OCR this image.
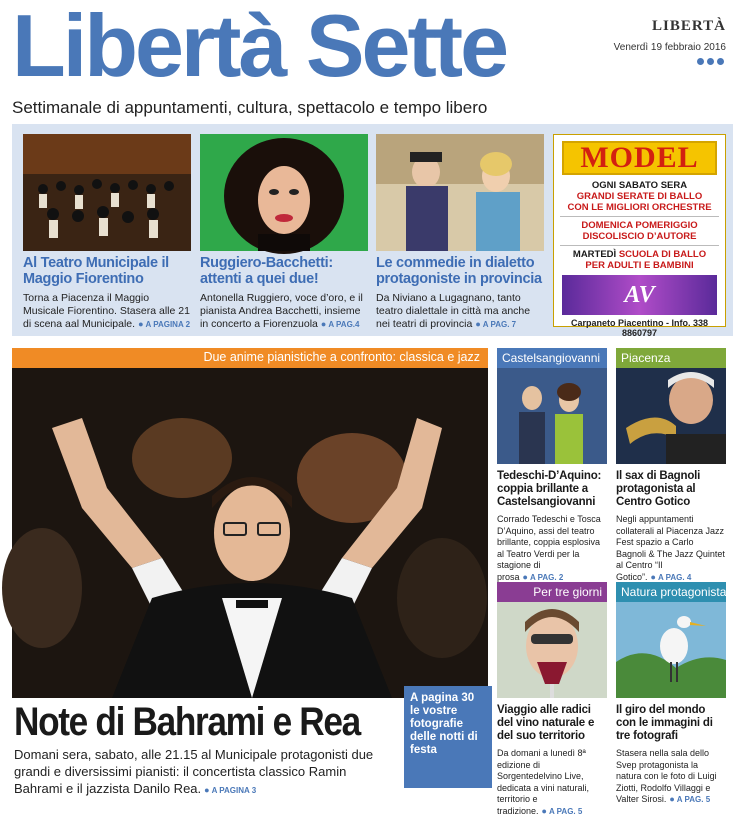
Libertà Sette	LIBERTÀ
Venerdì 19 febbraio 2016
Settimanale di appuntamenti, cultura, spettacolo e tempo libero
Al Teatro Municipale il Maggio Fiorentino

Torna a Piacenza il Maggio Musicale Fiorentino. Stasera alle 21 di scena aal Municipale. ● A PAGINA 2

Ruggiero-Bacchetti: attenti a quei due!

Antonella Ruggiero, voce d’oro, e il pianista Andrea Bacchetti, insieme in concerto a Fiorenzuola ● A PAG.4

Le commedie in dialetto protagoniste in provincia

Da Niviano a Lugagnano, tanto teatro dialettale in città ma anche nei teatri di provincia ● A PAG. 7

MODEL
OGNI SABATO SERA
GRANDI SERATE DI BALLO
CON LE MIGLIORI ORCHESTRE
DOMENICA POMERIGGIO
DISCOLISCIO D’AUTORE
MARTEDÌ SCUOLA DI BALLO
PER ADULTI E BAMBINI
AV
Carpaneto Piacentino - Info. 338 8860797
Due anime pianistiche a confronto: classica e jazz
Note di Bahrami e Rea
A pagina 30 le vostre fotografie delle notti di festa
Domani sera, sabato, alle 21.15 al Municipale protagonisti due grandi e diversissimi pianisti: il concertista classico Ramin Bahrami e il jazzista Danilo Rea. ● A PAGINA 3
Castelsangiovanni
Tedeschi-D’Aquino: coppia brillante a Castelsangiovanni

Corrado Tedeschi e Tosca D’Aquino, assi del teatro brillante, coppia esplosiva al Teatro Verdi per la stagione di prosa ● A PAG. 2

Piacenza
Il sax di Bagnoli protagonista al Centro Gotico

Negli appuntamenti collaterali al Piacenza Jazz Fest spazio a Carlo Bagnoli & The Jazz Quintet al Centro “Il Gotico”. ● A PAG. 4

Per tre giorni
Viaggio alle radici del vino naturale e del suo territorio

Da domani a lunedì 8ª edizione di Sorgentedelvino Live, dedicata a vini naturali, territorio e tradizione. ● A PAG. 5

Natura protagonista
Il giro del mondo con le immagini di tre fotografi

Stasera nella sala dello Svep protagonista la natura con le foto di Luigi Ziotti, Rodolfo Villaggi e Valter Sirosi. ● A PAG. 5
